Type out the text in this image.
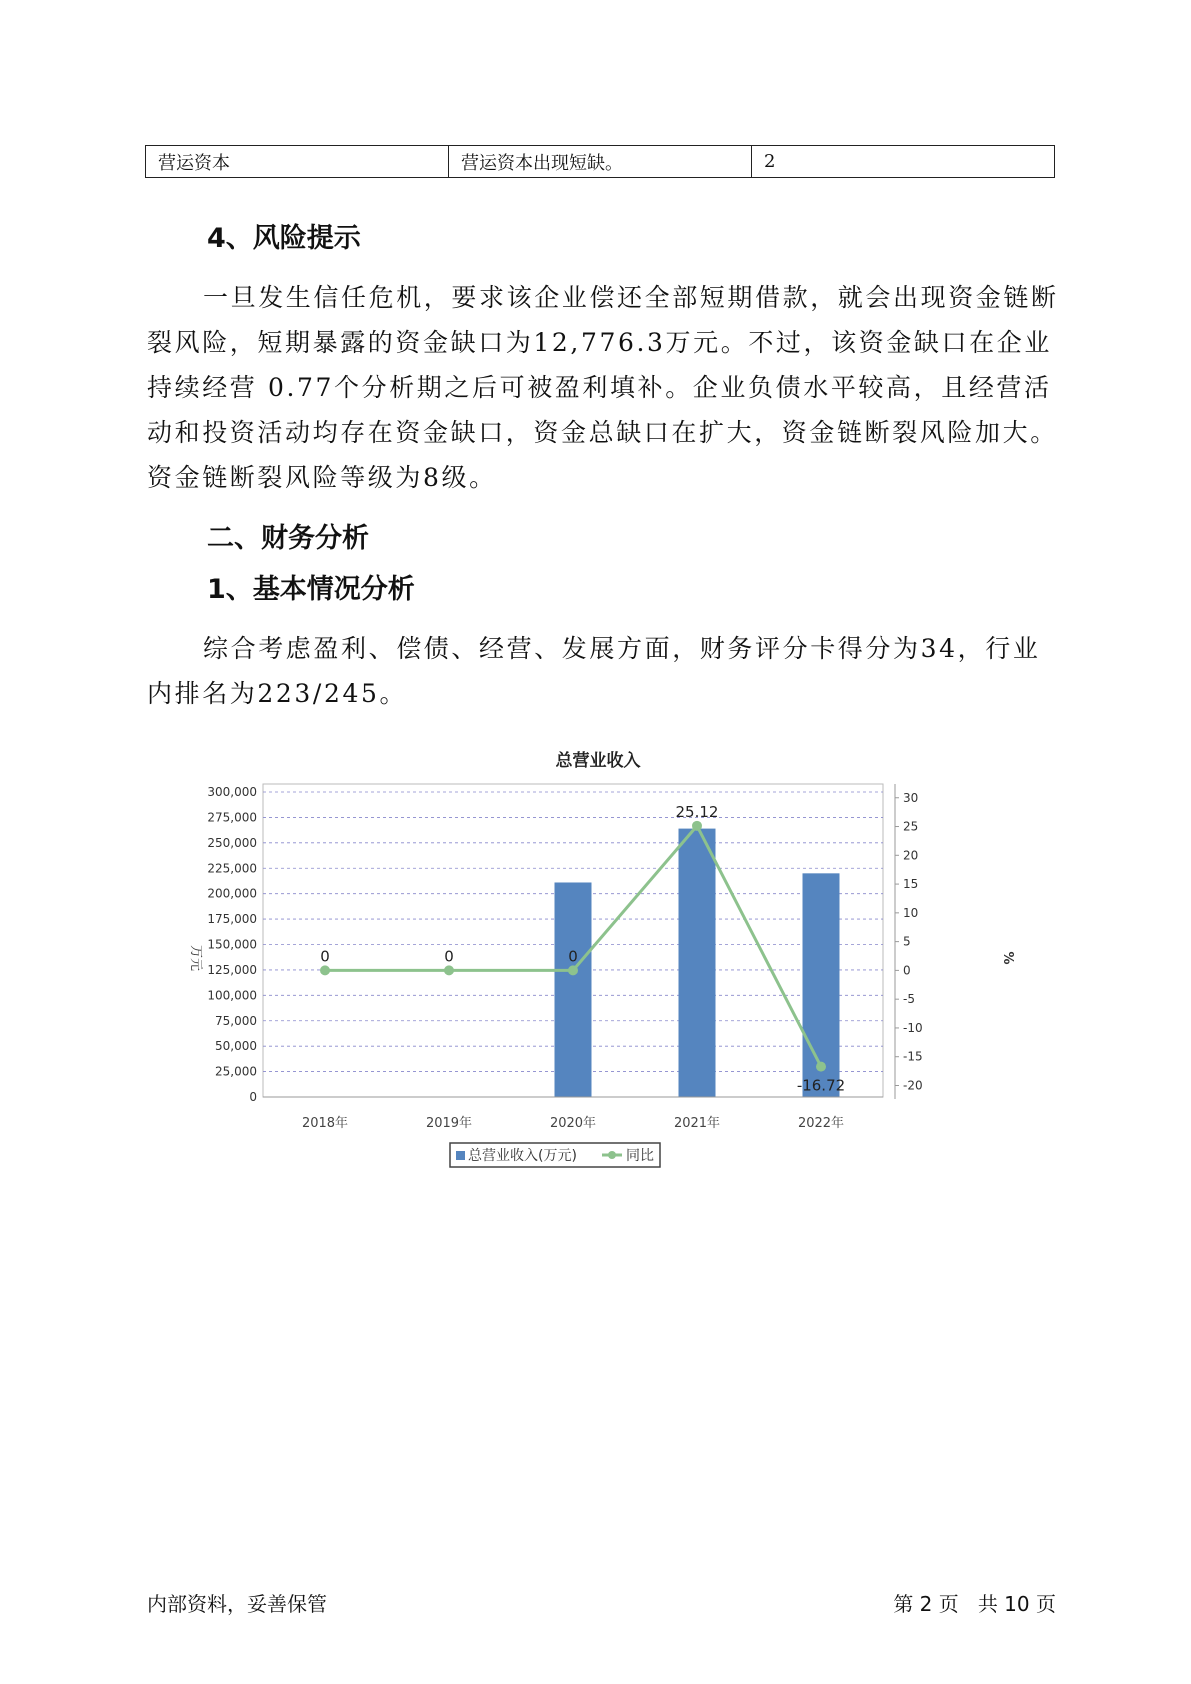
营运资本	营运资本出现短缺。	2
4、风险提示

一旦发生信任危机，要求该企业偿还全部短期借款，就会出现资金链断裂风险，短期暴露的资金缺口为12,776.3万元。不过，该资金缺口在企业持续经营 0.77个分析期之后可被盈利填补。企业负债水平较高，且经营活动和投资活动均存在资金缺口，资金总缺口在扩大，资金链断裂风险加大。资金链断裂风险等级为8级。

二、财务分析
1、基本情况分析

综合考虑盈利、偿债、经营、发展方面，财务评分卡得分为34，行业内排名为223/245。

总营业收入
万元	%
0	0	0
25.12
-16.72
0
25,000
50,000
75,000
100,000
125,000
150,000
175,000
200,000
225,000
250,000
275,000
300,000
-20
-15
-10
-5
0
5
10
15
20
25
30
2018年	2019年	2020年	2021年	2022年
总营业收入(万元)	同比
内部资料，妥善保管	第 2 页   共 10 页
